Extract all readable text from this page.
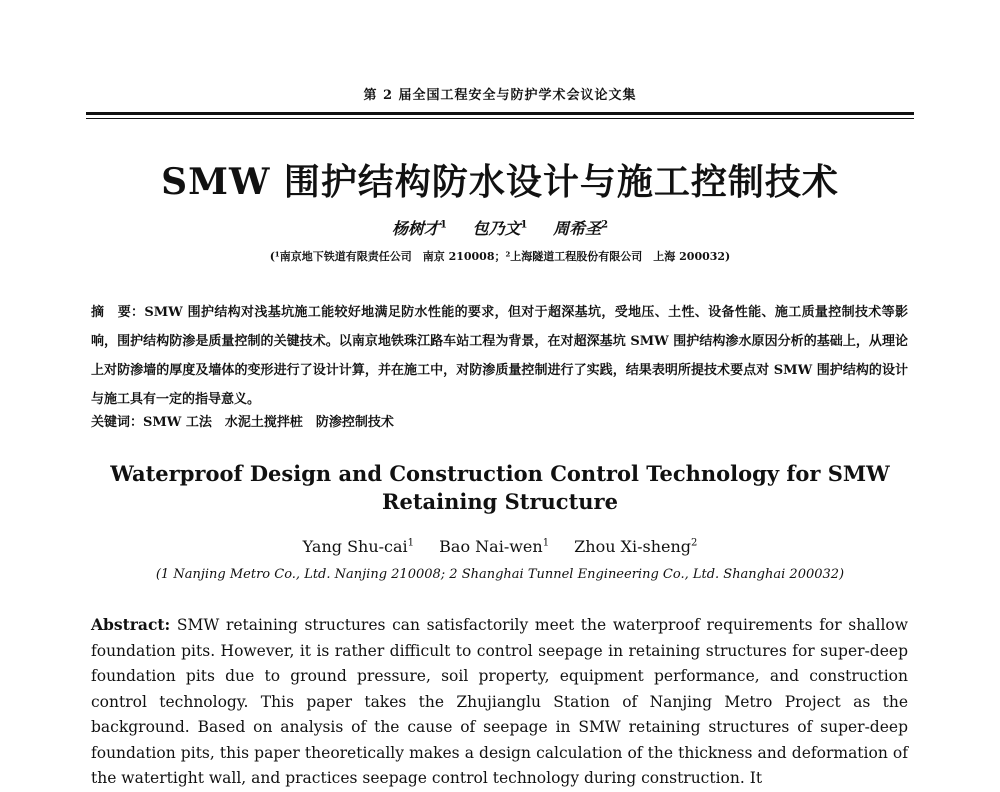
第 2 届全国工程安全与防护学术会议论文集
SMW 围护结构防水设计与施工控制技术
杨树才$^1$ 包乃文$^1$ 周希圣$^2$
(¹南京地下铁道有限责任公司　南京 210008；²上海隧道工程股份有限公司　上海 200032)
摘　要：SMW 围护结构对浅基坑施工能较好地满足防水性能的要求，但对于超深基坑，受地压、土性、设备性能、施工质量控制技术等影响，围护结构防渗是质量控制的关键技术。以南京地铁珠江路车站工程为背景，在对超深基坑 SMW 围护结构渗水原因分析的基础上，从理论上对防渗墙的厚度及墙体的变形进行了设计计算，并在施工中，对防渗质量控制进行了实践，结果表明所提技术要点对 SMW 围护结构的设计与施工具有一定的指导意义。
关键词：SMW 工法　水泥土搅拌桩　防渗控制技术
Waterproof Design and Construction Control Technology for SMW Retaining Structure
Yang Shu-cai$^1$ Bao Nai-wen$^1$ Zhou Xi-sheng$^2$
(1 Nanjing Metro Co., Ltd. Nanjing 210008; 2 Shanghai Tunnel Engineering Co., Ltd. Shanghai 200032)
Abstract: SMW retaining structures can satisfactorily meet the waterproof requirements for shallow foundation pits. However, it is rather difficult to control seepage in retaining structures for super-deep foundation pits due to ground pressure, soil property, equipment performance, and construction control technology. This paper takes the Zhujianglu Station of Nanjing Metro Project as the background. Based on analysis of the cause of seepage in SMW retaining structures of super-deep foundation pits, this paper theoretically makes a design calculation of the thickness and deformation of the watertight wall, and practices seepage control technology during construction. It
